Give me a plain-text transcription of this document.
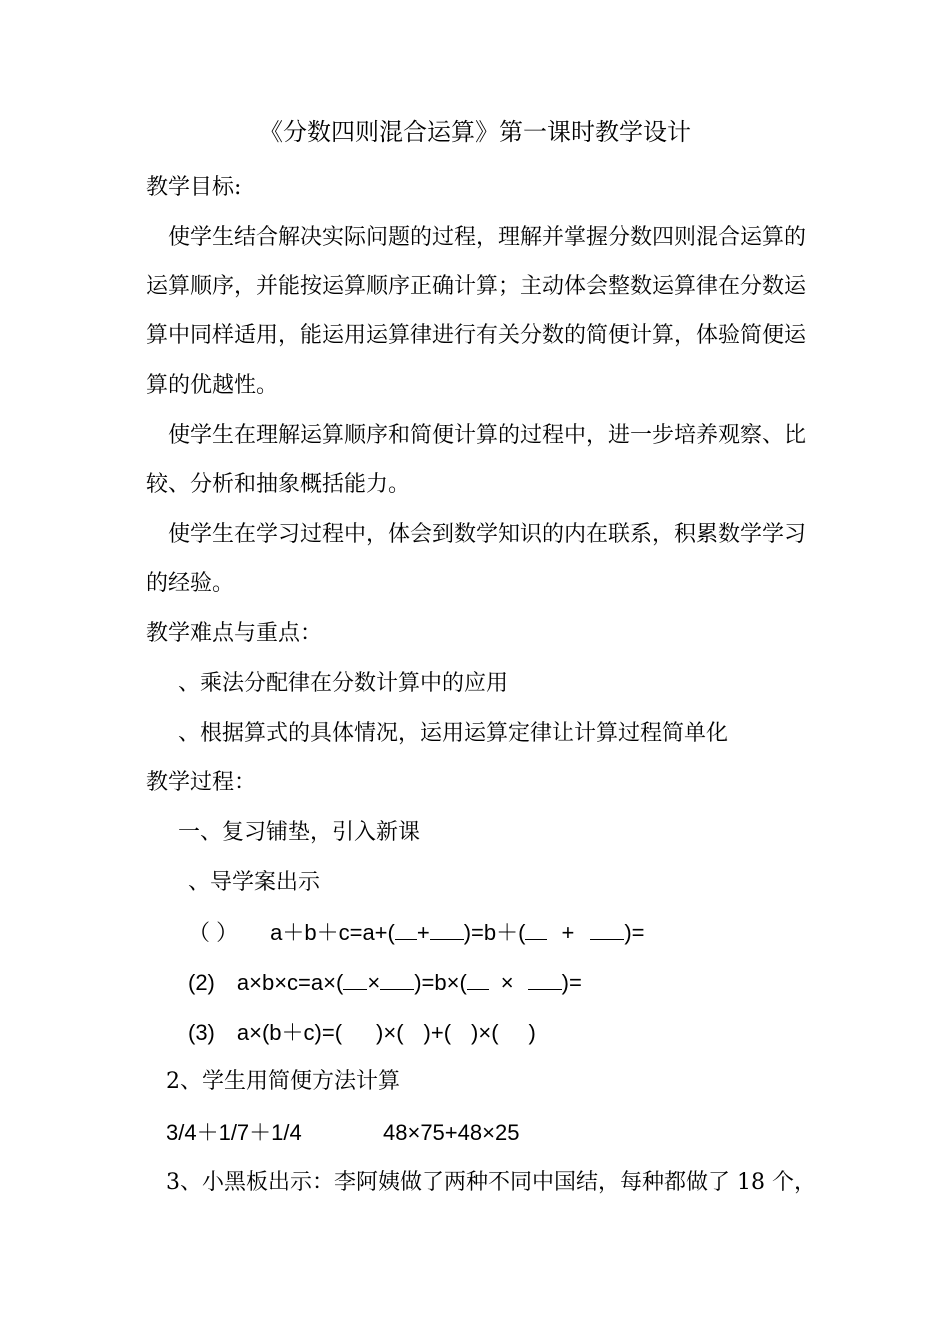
《分数四则混合运算》第一课时教学设计
教学目标:
使学生结合解决实际问题的过程，理解并掌握分数四则混合运算的
运算顺序，并能按运算顺序正确计算；主动体会整数运算律在分数运
算中同样适用，能运用运算律进行有关分数的简便计算，体验简便运
算的优越性。
使学生在理解运算顺序和简便计算的过程中，进一步培养观察、比
较、分析和抽象概括能力。
使学生在学习过程中，体会到数学知识的内在联系，积累数学学习
的经验。
教学难点与重点：
、乘法分配律在分数计算中的应用
、根据算式的具体情况，运用运算定律让计算过程简单化
教学过程：
一、复习铺垫，引入新课
、导学案出示
（ ） a＋b＋c=a+( + )=b＋( + )=
(2) a×b×c=a×( × )=b×( × )=
(3) a×(b＋c)=( )×( )+( )×( )
2、学生用简便方法计算
3/4＋1/7＋1/4	48×75+48×25
3、小黑板出示：李阿姨做了两种不同中国结，每种都做了 18 个，
